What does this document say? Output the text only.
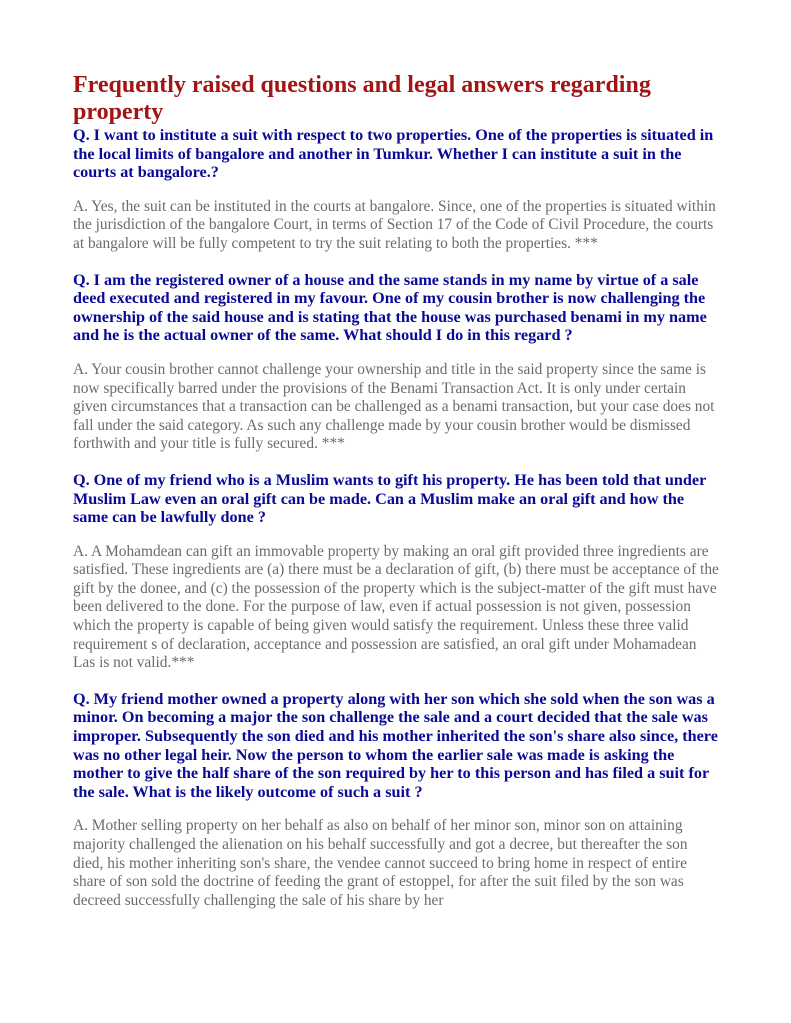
Frequently raised questions and legal answers regarding property

Q. I want to institute a suit with respect to two properties. One of the properties is situated in the local limits of bangalore and another in Tumkur. Whether I can institute a suit in the courts at bangalore.?

A. Yes, the suit can be instituted in the courts at bangalore. Since, one of the properties is situated within the jurisdiction of the bangalore Court, in terms of Section 17 of the Code of Civil Procedure, the courts at bangalore will be fully competent to try the suit relating to both the properties. ***

Q. I am the registered owner of a house and the same stands in my name by virtue of a sale deed executed and registered in my favour. One of my cousin brother is now challenging the ownership of the said house and is stating that the house was purchased benami in my name and he is the actual owner of the same. What should I do in this regard ?

A. Your cousin brother cannot challenge your ownership and title in the said property since the same is now specifically barred under the provisions of the Benami Transaction Act. It is only under certain given circumstances that a transaction can be challenged as a benami transaction, but your case does not fall under the said category. As such any challenge made by your cousin brother would be dismissed forthwith and your title is fully secured. ***

Q. One of my friend who is a Muslim wants to gift his property. He has been told that under Muslim Law even an oral gift can be made. Can a Muslim make an oral gift and how the same can be lawfully done ?

A. A Mohamdean can gift an immovable property by making an oral gift provided three ingredients are satisfied. These ingredients are (a) there must be a declaration of gift, (b) there must be acceptance of the gift by the donee, and (c) the possession of the property which is the subject-matter of the gift must have been delivered to the done. For the purpose of law, even if actual possession is not given, possession which the property is capable of being given would satisfy the requirement. Unless these three valid requirement s of declaration, acceptance and possession are satisfied, an oral gift under Mohamadean Las is not valid.***

Q. My friend mother owned a property along with her son which she sold when the son was a minor. On becoming a major the son challenge the sale and a court decided that the sale was improper. Subsequently the son died and his mother inherited the son's share also since, there was no other legal heir. Now the person to whom the earlier sale was made is asking the mother to give the half share of the son required by her to this person and has filed a suit for the sale. What is the likely outcome of such a suit ?

A. Mother selling property on her behalf as also on behalf of her minor son, minor son on attaining majority challenged the alienation on his behalf successfully and got a decree, but thereafter the son died, his mother inheriting son's share, the vendee cannot succeed to bring home in respect of entire share of son sold the doctrine of feeding the grant of estoppel, for after the suit filed by the son was decreed successfully challenging the sale of his share by her
